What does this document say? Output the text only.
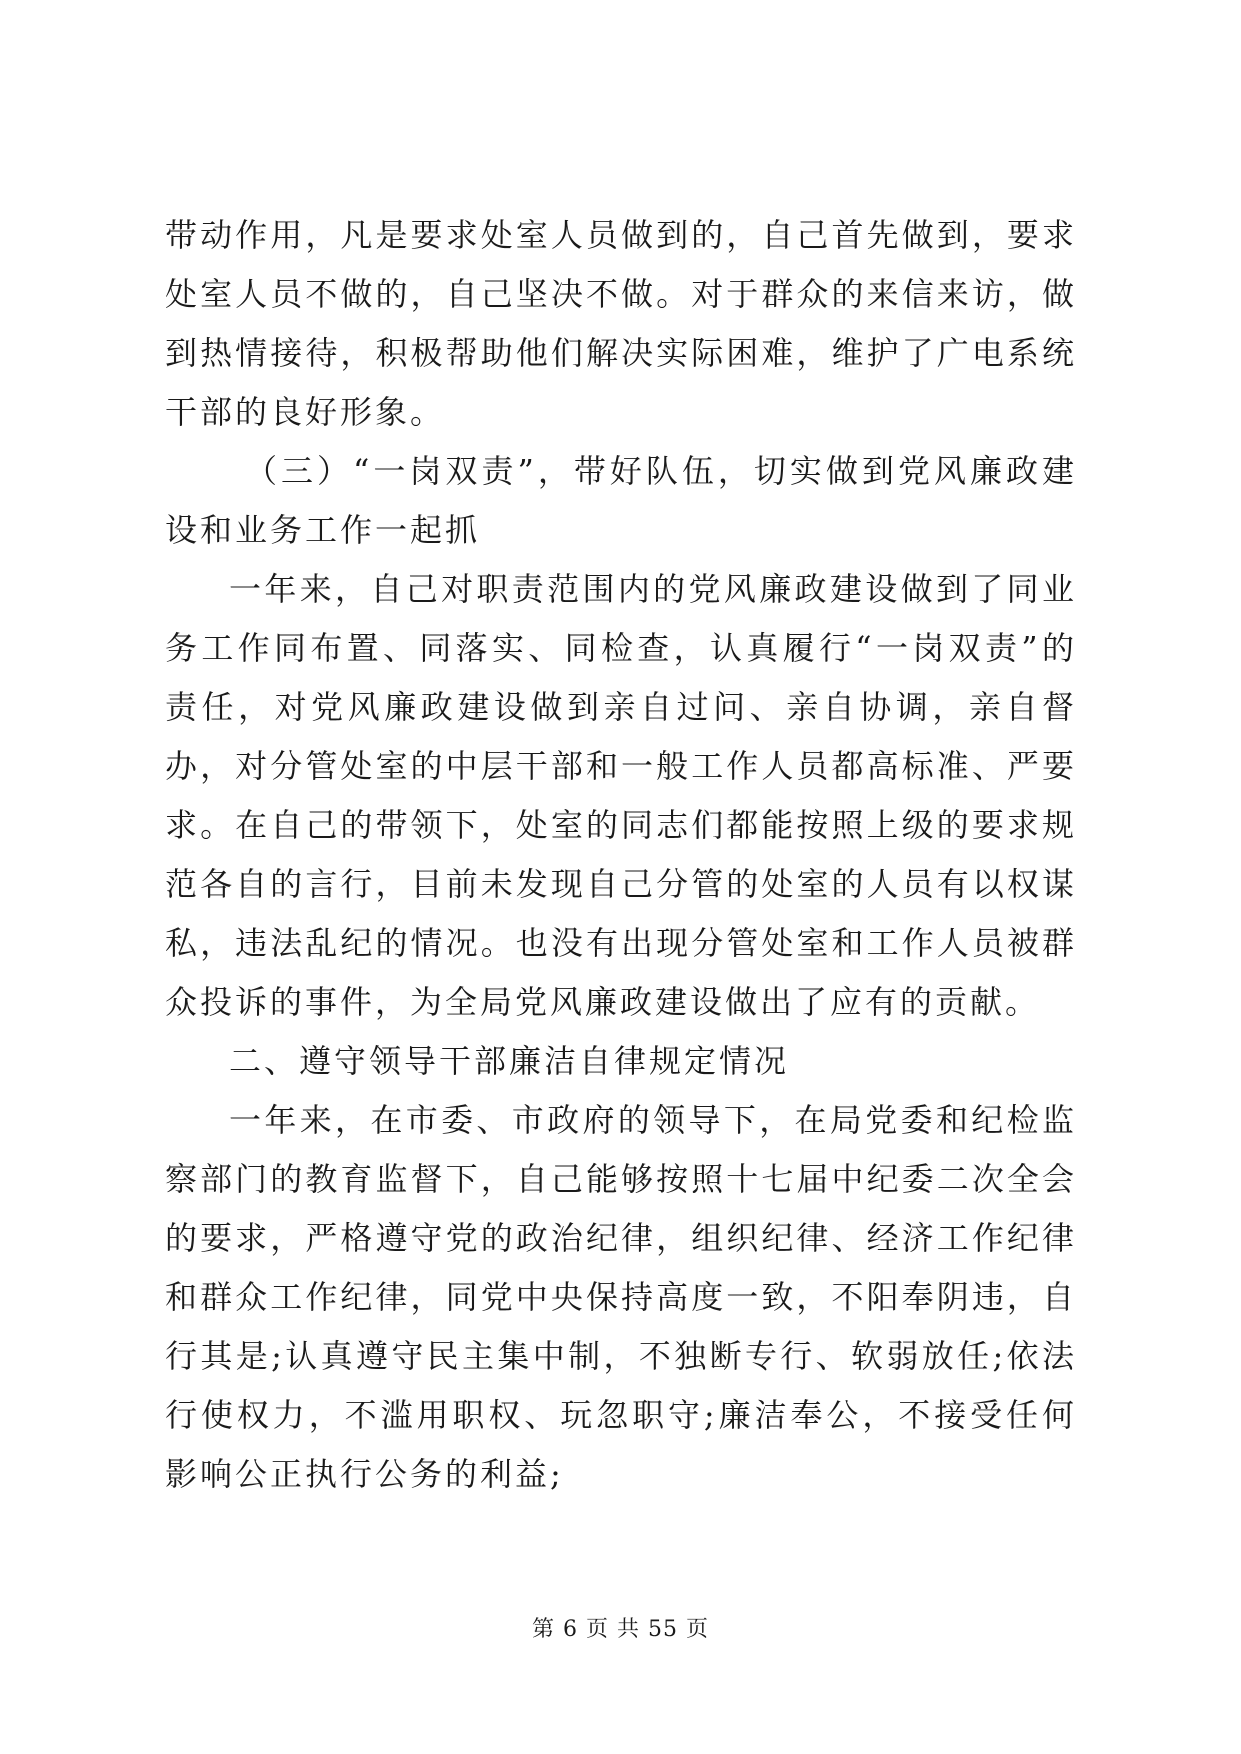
带动作用，凡是要求处室人员做到的，自己首先做到，要求处室人员不做的，自己坚决不做。对于群众的来信来访，做到热情接待，积极帮助他们解决实际困难，维护了广电系统干部的良好形象。

（三）“一岗双责”，带好队伍，切实做到党风廉政建设和业务工作一起抓

一年来，自己对职责范围内的党风廉政建设做到了同业务工作同布置、同落实、同检查，认真履行“一岗双责”的责任，对党风廉政建设做到亲自过问、亲自协调，亲自督办，对分管处室的中层干部和一般工作人员都高标准、严要求。在自己的带领下，处室的同志们都能按照上级的要求规范各自的言行，目前未发现自己分管的处室的人员有以权谋私，违法乱纪的情况。也没有出现分管处室和工作人员被群众投诉的事件，为全局党风廉政建设做出了应有的贡献。

二、遵守领导干部廉洁自律规定情况

一年来，在市委、市政府的领导下，在局党委和纪检监察部门的教育监督下，自己能够按照十七届中纪委二次全会的要求，严格遵守党的政治纪律，组织纪律、经济工作纪律和群众工作纪律，同党中央保持高度一致，不阳奉阴违，自行其是;认真遵守民主集中制，不独断专行、软弱放任;依法行使权力，不滥用职权、玩忽职守;廉洁奉公，不接受任何影响公正执行公务的利益;

第 6 页 共 55 页
